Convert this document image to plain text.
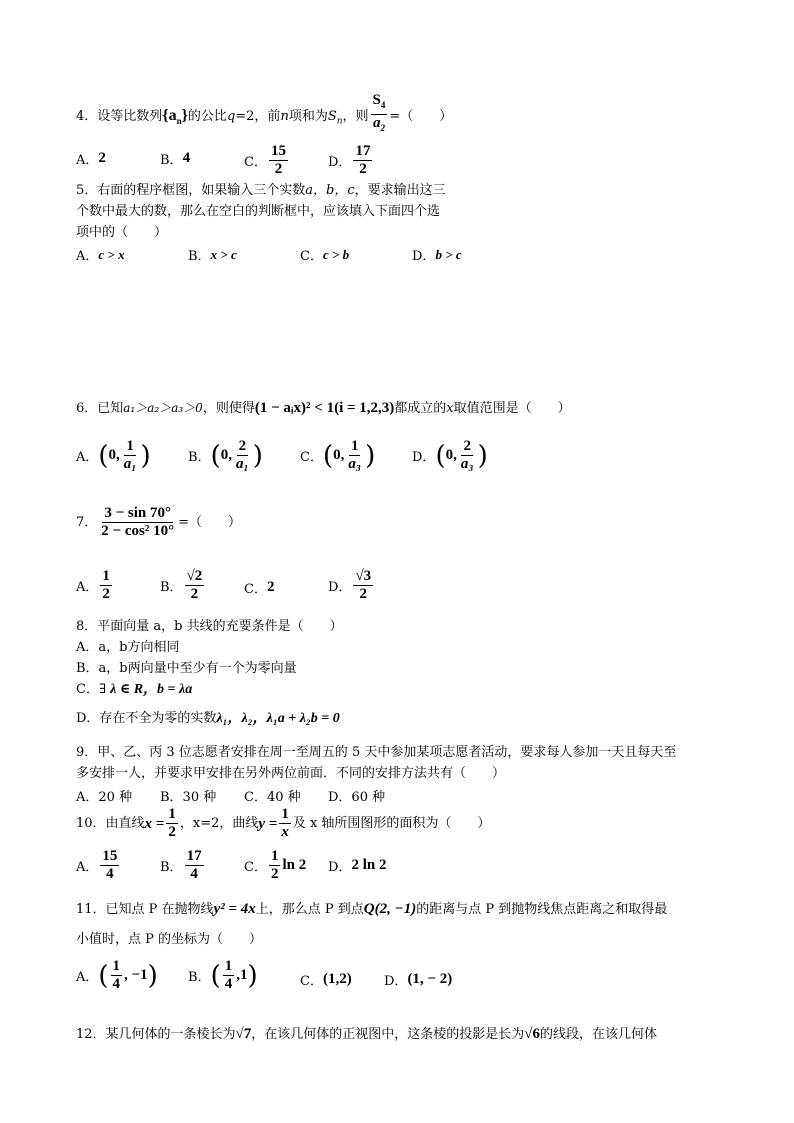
4．设等比数列$\{a_n\}$的公比q=2，前n项和为$S_n$，则 $\frac{S_4}{a_2}$ =（　　）
A． 2	B． 4	C． $\frac{15}{2}$	D． $\frac{17}{2}$
5．右面的程序框图，如果输入三个实数a，b，c，要求输出这三
个数中最大的数，那么在空白的判断框中，应该填入下面四个选
项中的（　　）
A． c > x	B． x > c	C． c > b	D． b > c
6．已知a₁＞a₂＞a₃＞0，则使得(1 − aᵢx)² < 1(i = 1,2,3)都成立的x取值范围是（　　）
A． ( 0, $\frac{1}{\text{a₁}}$ )	B． ( 0, $\frac{2}{\text{a₁}}$ )	C． ( 0, $\frac{1}{\text{a₃}}$ )	D． ( 0, $\frac{2}{\text{a₃}}$ )
7． $\frac{3 - \sin 70^\circ}{\text{2 − cos² 10°}}$ =（　　）
A． $\frac{1}{2}$	B． $\frac{√2}{2}$	C． 2	D． $\frac{√3}{2}$
8．平面向量 a，b 共线的充要条件是（　　）
A．a，b方向相同
B．a，b两向量中至少有一个为零向量
C．∃ λ ∈ R，b = λa
D．存在不全为零的实数λ₁，λ₂，λ₁a + λ₂b = 0
9．甲、乙、丙 3 位志愿者安排在周一至周五的 5 天中参加某项志愿者活动，要求每人参加一天且每天至
多安排一人，并要求甲安排在另外两位前面．不同的安排方法共有（　　）
A．20 种 B．30 种 C．40 种 D．60 种
10．由直线 $x = \frac{1}{2}$ ，x=2，曲线 $y = \frac{1}{x}$ 及 x 轴所围图形的面积为（　　）
A． $\frac{15}{4}$	B． $\frac{17}{4}$	C． $\frac{1}{2}$ ln 2 D． 2 ln 2
11．已知点 P 在抛物线y² = 4x上，那么点 P 到点Q(2, −1)的距离与点 P 到抛物线焦点距离之和取得最
小值时，点 P 的坐标为（　　）
A． ( $\frac{1}{4}$ , −1 ) B． ( $\frac{1}{4} ,1$ )	C． (1,2) D． (1, − 2)
12．某几何体的一条棱长为√7，在该几何体的正视图中，这条棱的投影是长为√6的线段，在该几何体
